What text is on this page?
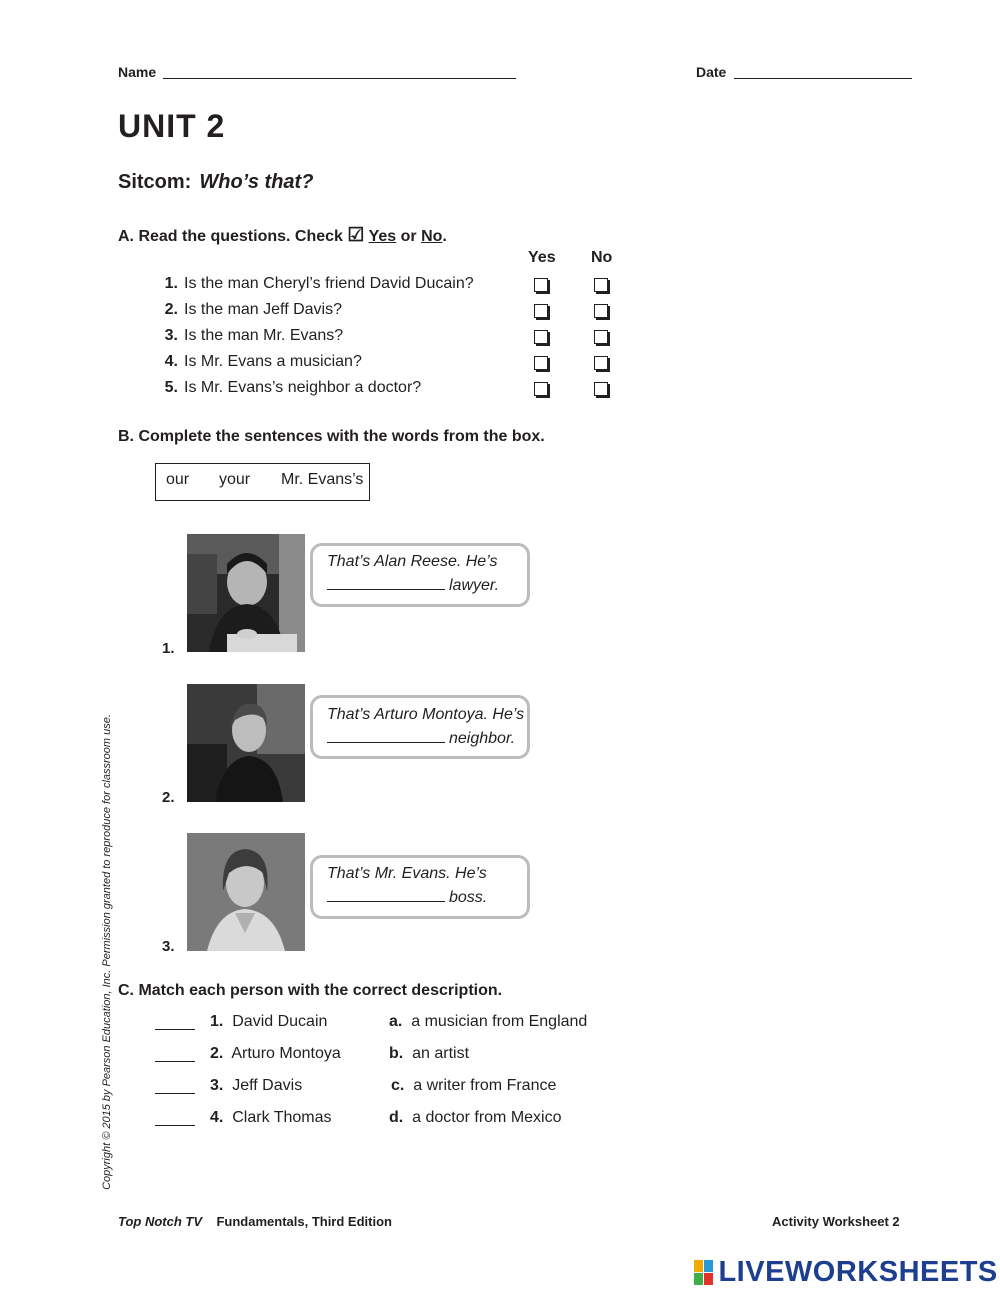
Name	Date
UNIT 2
Sitcom: Who’s that?
A. Read the questions. Check ☑ Yes or No.
Yes No
1. Is the man Cheryl’s friend David Ducain?
2. Is the man Jeff Davis?
3. Is the man Mr. Evans?
4. Is Mr. Evans a musician?
5. Is Mr. Evans’s neighbor a doctor?
B. Complete the sentences with the words from the box.
our your Mr. Evans’s
1.
That’s Alan Reese. He’s
lawyer.
2.
That’s Arturo Montoya. He’s
neighbor.
3.
That’s Mr. Evans. He’s
boss.
C. Match each person with the correct description.
1. David Ducain
2. Arturo Montoya
3. Jeff Davis
4. Clark Thomas
a. a musician from England
b. an artist
c. a writer from France
d. a doctor from Mexico
Copyright © 2015 by Pearson Education, Inc. Permission granted to reproduce for classroom use.
Top Notch TV Fundamentals, Third Edition	Activity Worksheet 2
LIVEWORKSHEETS
